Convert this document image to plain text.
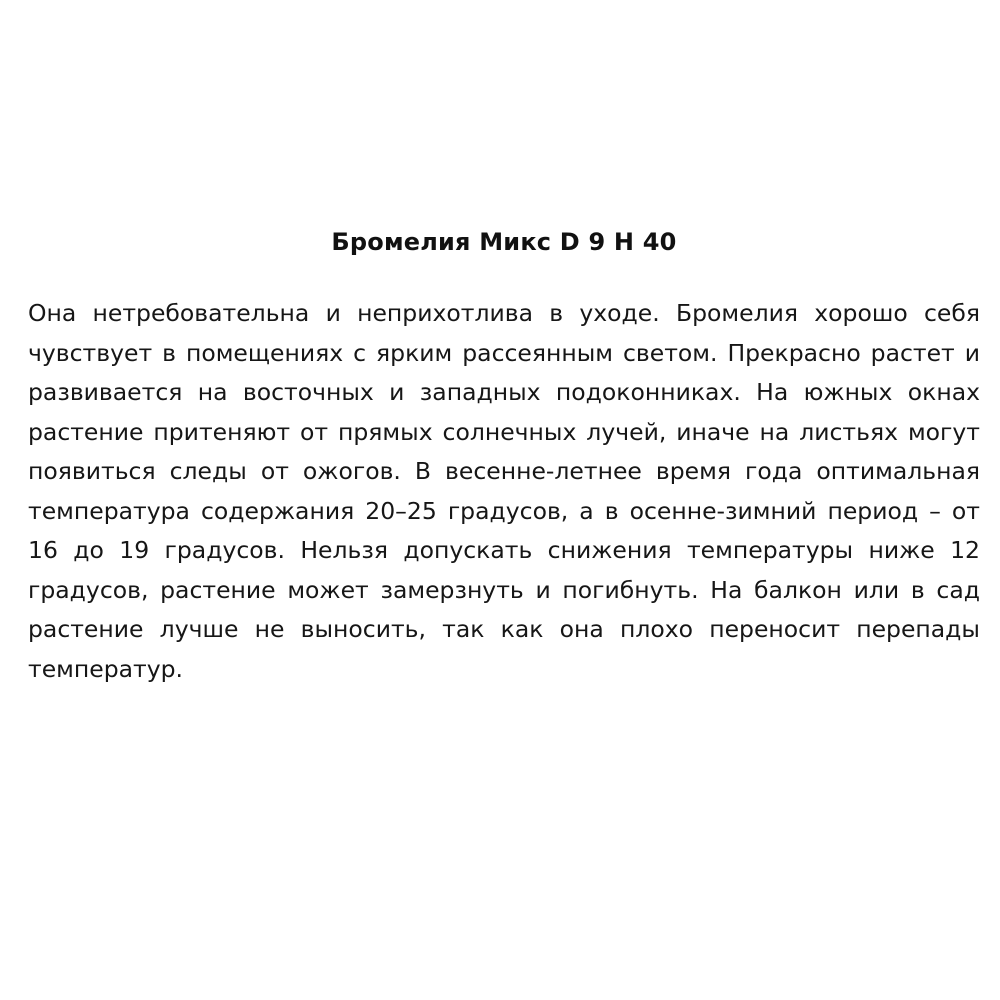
Бромелия Микс D 9 H 40

Она нетребовательна и неприхотлива в уходе. Бромелия хорошо себя чувствует в помещениях с ярким рассеянным светом. Прекрасно растет и развивается на восточных и западных подоконниках. На южных окнах растение притеняют от прямых солнечных лучей, иначе на листьях могут появиться следы от ожогов. В весенне-летнее время года оптимальная температура содержания 20–25 градусов, а в осенне-зимний период – от 16 до 19 градусов. Нельзя допускать снижения температуры ниже 12 градусов, растение может замерзнуть и погибнуть. На балкон или в сад растение лучше не выносить, так как она плохо переносит перепады температур.
